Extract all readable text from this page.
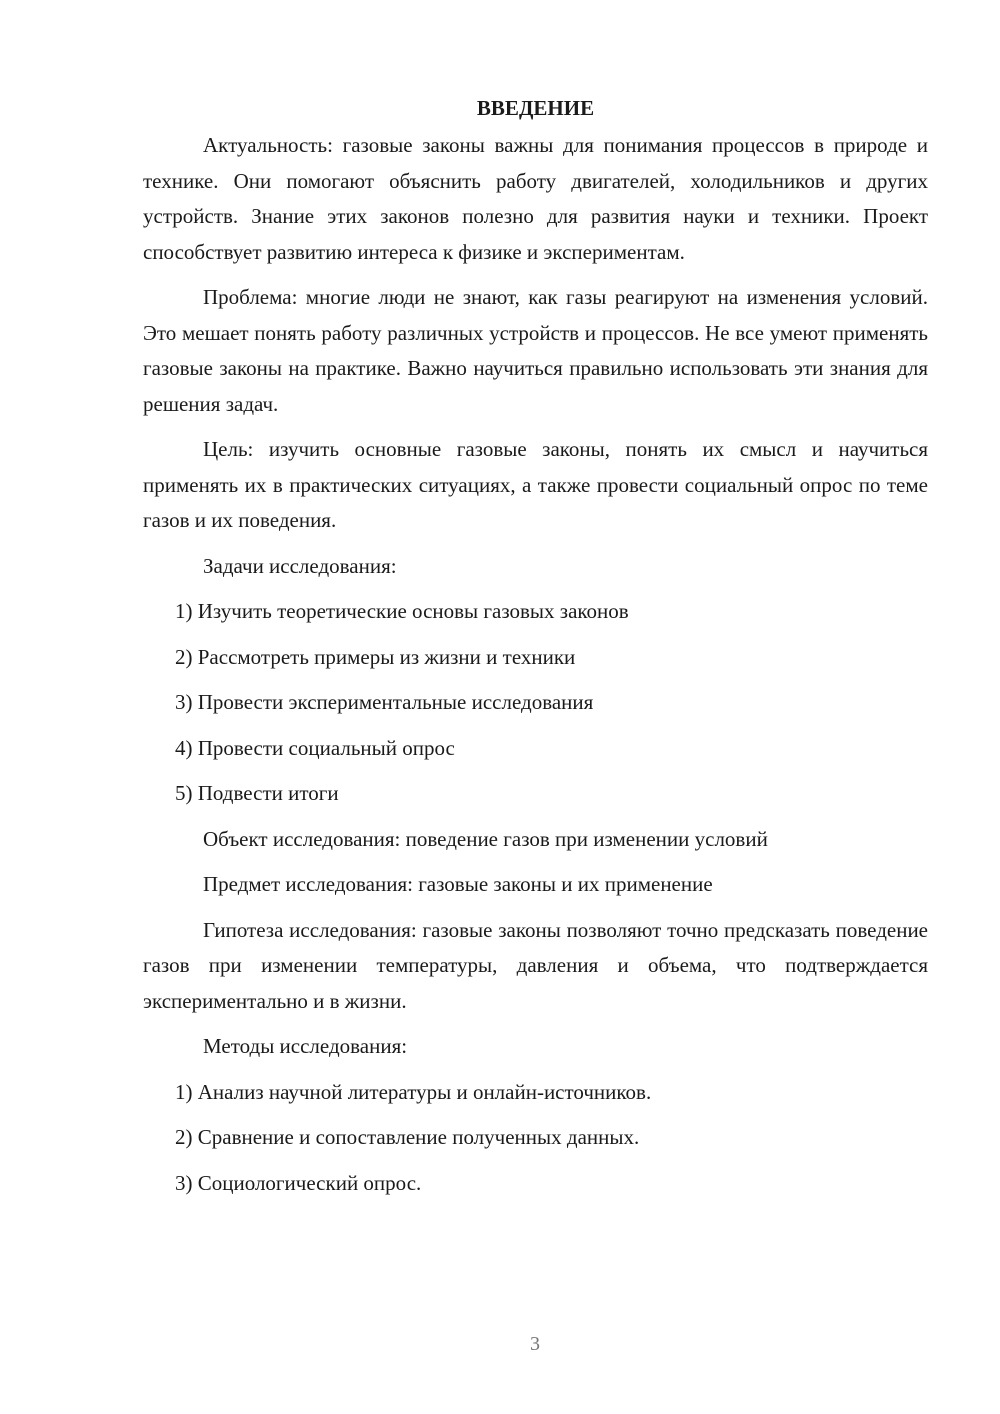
ВВЕДЕНИЕ

Актуальность: газовые законы важны для понимания процессов в природе и технике. Они помогают объяснить работу двигателей, холодильников и других устройств. Знание этих законов полезно для развития науки и техники. Проект способствует развитию интереса к физике и экспериментам.

Проблема: многие люди не знают, как газы реагируют на изменения условий. Это мешает понять работу различных устройств и процессов. Не все умеют применять газовые законы на практике. Важно научиться правильно использовать эти знания для решения задач.

Цель: изучить основные газовые законы, понять их смысл и научиться применять их в практических ситуациях, а также провести социальный опрос по теме газов и их поведения.

Задачи исследования:
1) Изучить теоретические основы газовых законов
2) Рассмотреть примеры из жизни и техники
3) Провести экспериментальные исследования
4) Провести социальный опрос
5) Подвести итоги
Объект исследования: поведение газов при изменении условий
Предмет исследования: газовые законы и их применение

Гипотеза исследования: газовые законы позволяют точно предсказать поведение газов при изменении температуры, давления и объема, что подтверждается экспериментально и в жизни.

Методы исследования:
1) Анализ научной литературы и онлайн-источников.
2) Сравнение и сопоставление полученных данных.
3) Социологический опрос.
3
